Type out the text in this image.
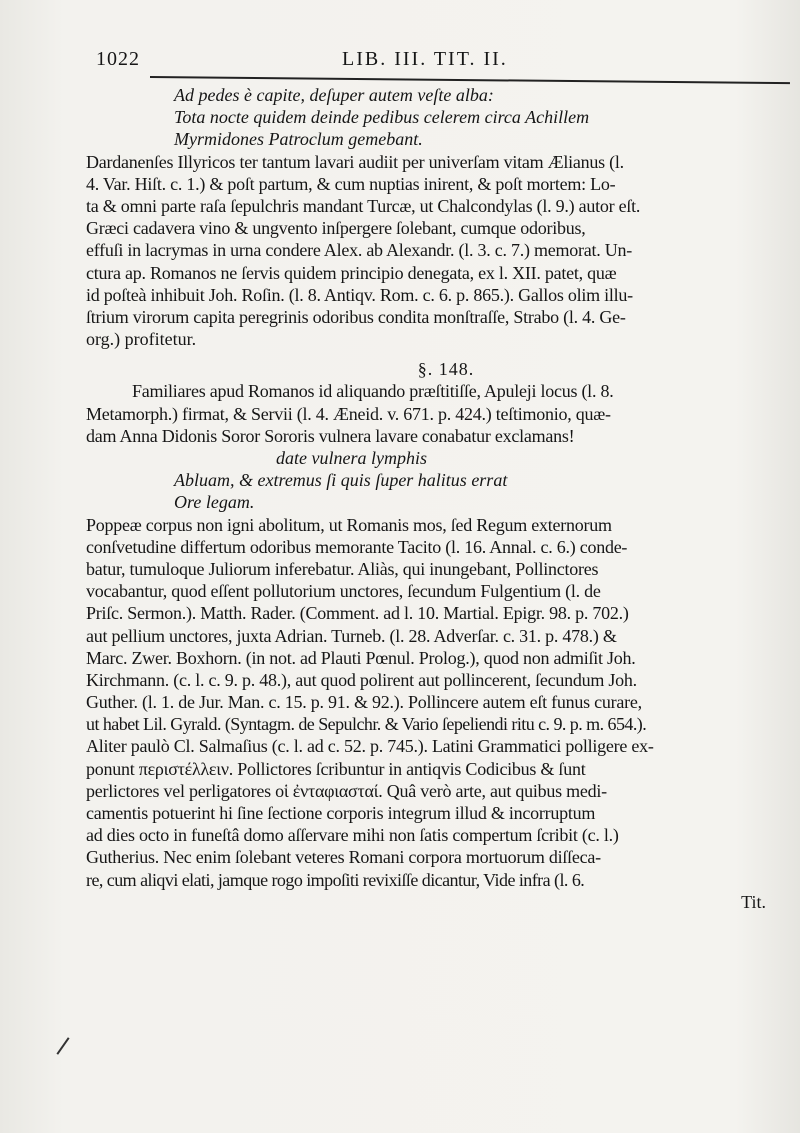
1022	LIB. III. TIT. II.
Ad pedes è capite, deſuper autem veſte alba:
Tota nocte quidem deinde pedibus celerem circa Achillem
Myrmidones Patroclum gemebant.
Dardanenſes Illyricos ter tantum lavari audiit per univerſam vitam Ælianus (l.
4. Var. Hiſt. c. 1.) & poſt partum, & cum nuptias inirent, & poſt mortem: Lo-
ta & omni parte raſa ſepulchris mandant Turcæ, ut Chalcondylas (l. 9.) autor eſt.
Græci cadavera vino & ungvento inſpergere ſolebant, cumque odoribus,
effuſi in lacrymas in urna condere Alex. ab Alexandr. (l. 3. c. 7.) memorat. Un-
ctura ap. Romanos ne ſervis quidem principio denegata, ex l. XII. patet, quæ
id poſteà inhibuit Joh. Roſin. (l. 8. Antiqv. Rom. c. 6. p. 865.). Gallos olim illu-
ſtrium virorum capita peregrinis odoribus condita monſtraſſe, Strabo (l. 4. Ge-
org.) profitetur.
§. 148.
Familiares apud Romanos id aliquando præſtitiſſe, Apuleji locus (l. 8.
Metamorph.) firmat, & Servii (l. 4. Æneid. v. 671. p. 424.) teſtimonio, quæ-
dam Anna Didonis Soror Sororis vulnera lavare conabatur exclamans!
date vulnera lymphis
Abluam, & extremus ſi quis ſuper halitus errat
Ore legam.
Poppeæ corpus non igni abolitum, ut Romanis mos, ſed Regum externorum
conſvetudine differtum odoribus memorante Tacito (l. 16. Annal. c. 6.) conde-
batur, tumuloque Juliorum inferebatur. Aliàs, qui inungebant, Pollinctores
vocabantur, quod eſſent pollutorium unctores, ſecundum Fulgentium (l. de
Priſc. Sermon.). Matth. Rader. (Comment. ad l. 10. Martial. Epigr. 98. p. 702.)
aut pellium unctores, juxta Adrian. Turneb. (l. 28. Adverſar. c. 31. p. 478.) &
Marc. Zwer. Boxhorn. (in not. ad Plauti Pœnul. Prolog.), quod non admiſit Joh.
Kirchmann. (c. l. c. 9. p. 48.), aut quod polirent aut pollincerent, ſecundum Joh.
Guther. (l. 1. de Jur. Man. c. 15. p. 91. & 92.). Pollincere autem eſt funus curare,
ut habet Lil. Gyrald. (Syntagm. de Sepulchr. & Vario ſepeliendi ritu c. 9. p. m. 654.).
Aliter paulò Cl. Salmaſius (c. l. ad c. 52. p. 745.). Latini Grammatici polligere ex-
ponunt περιστέλλειν. Pollictores ſcribuntur in antiqvis Codicibus & ſunt
perlictores vel perligatores οἱ ἐνταφιασταί. Quâ verò arte, aut quibus medi-
camentis potuerint hi ſine ſectione corporis integrum illud & incorruptum
ad dies octo in funeſtâ domo aſſervare mihi non ſatis compertum ſcribit (c. l.)
Gutherius. Nec enim ſolebant veteres Romani corpora mortuorum diſſeca-
re, cum aliqvi elati, jamque rogo impoſiti revixiſſe dicantur, Vide infra (l. 6.
Tit.
